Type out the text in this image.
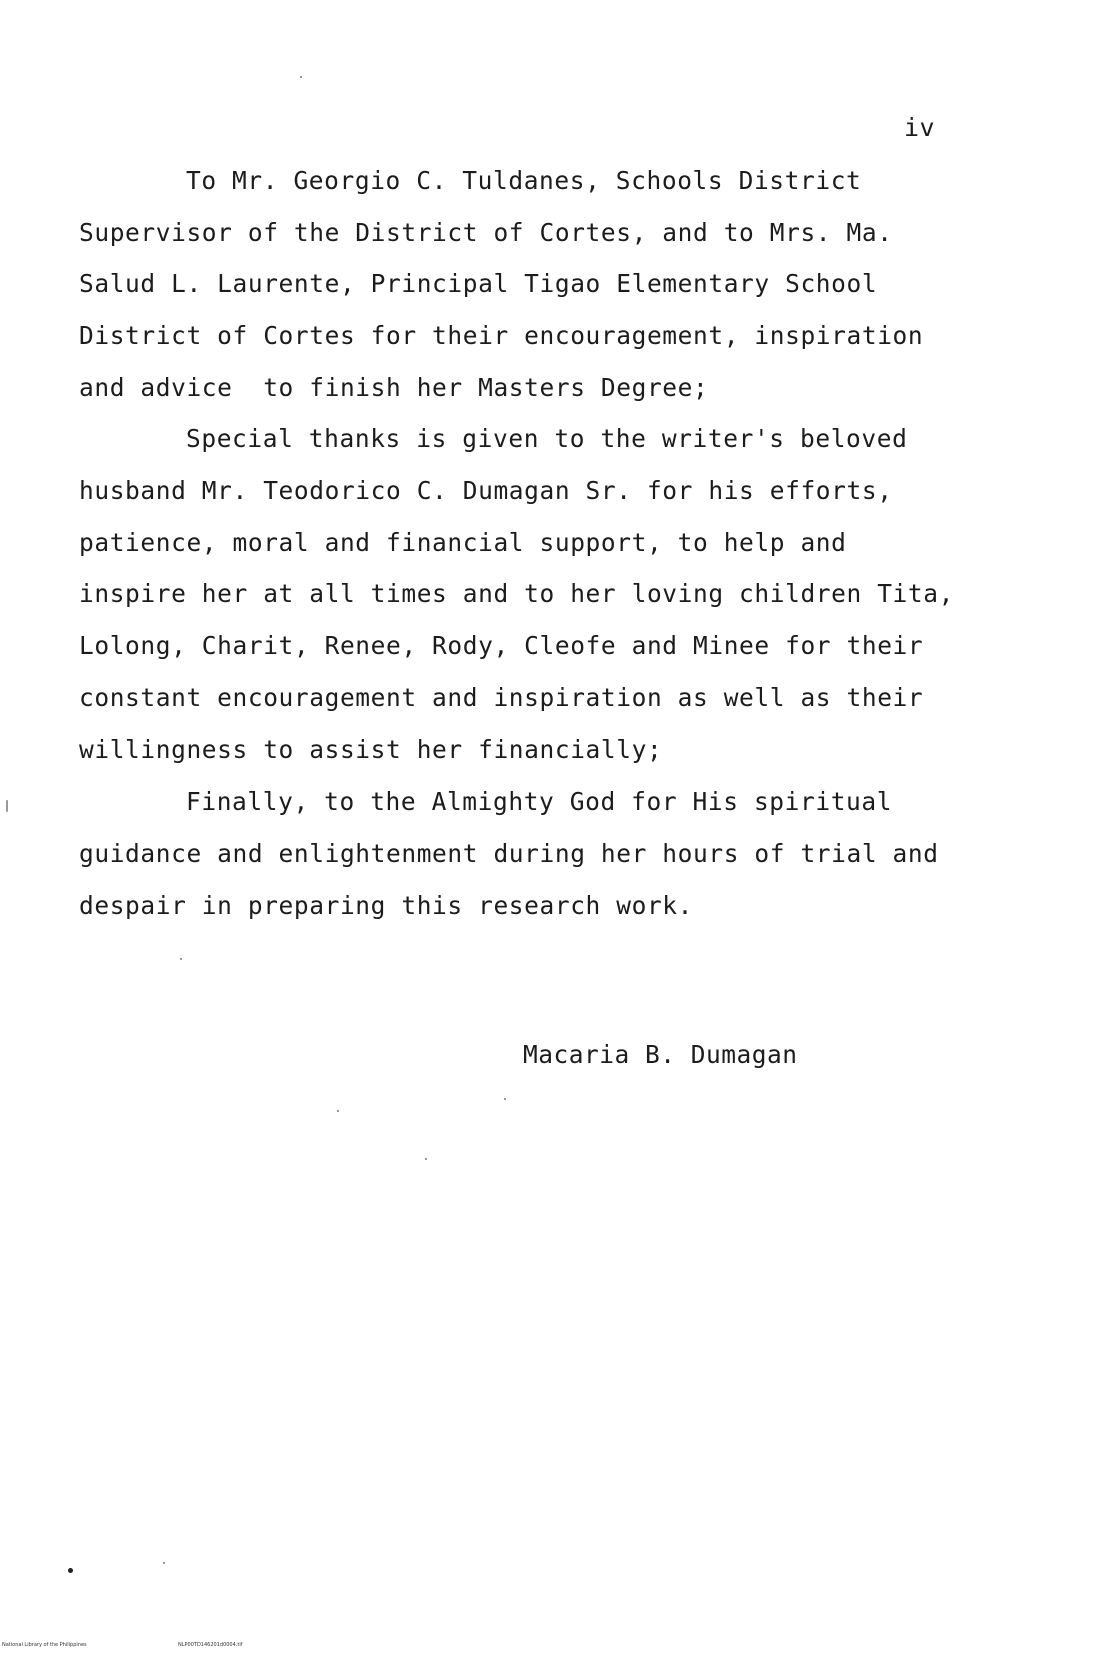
iv
To Mr. Georgio C. Tuldanes, Schools District
Supervisor of the District of Cortes, and to Mrs. Ma.
Salud L. Laurente, Principal Tigao Elementary School
District of Cortes for their encouragement, inspiration
and advice  to finish her Masters Degree;
Special thanks is given to the writer's beloved
husband Mr. Teodorico C. Dumagan Sr. for his efforts,
patience, moral and financial support, to help and
inspire her at all times and to her loving children Tita,
Lolong, Charit, Renee, Rody, Cleofe and Minee for their
constant encouragement and inspiration as well as their
willingness to assist her financially;
Finally, to the Almighty God for His spiritual
guidance and enlightenment during her hours of trial and
despair in preparing this research work.
Macaria B. Dumagan
National Library of the Philippines	NLP00TD146201d0004.tif
